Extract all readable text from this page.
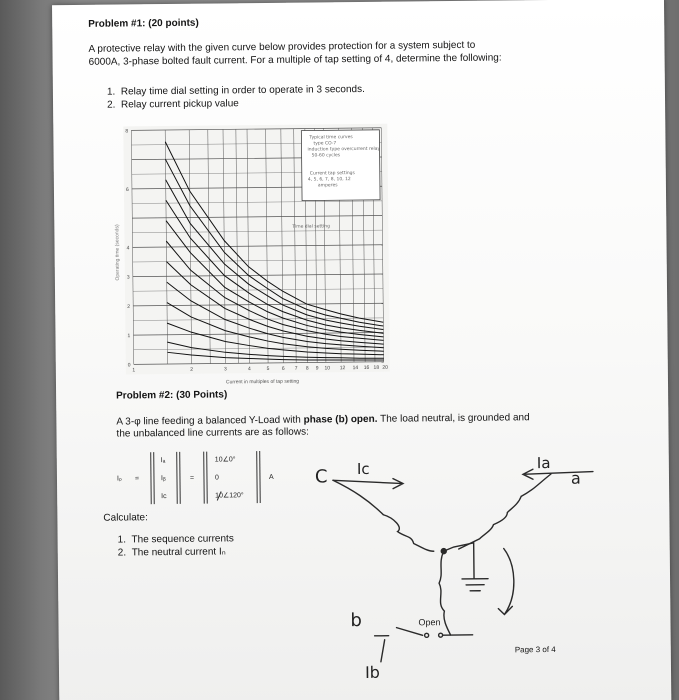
Problem #1: (20 points)
A protective relay with the given curve below provides protection for a system subject to
6000A, 3-phase bolted fault current. For a multiple of tap setting of 4, determine the following:
1. Relay time dial setting in order to operate in 3 seconds.
2. Relay current pickup value
Typical time curves
type CO-7
induction type overcurrent relay
50-60 cycles
Current tap settings
4, 5, 6, 7, 8, 10, 12
amperes
Time dial setting
Operating time (seconds)
8
6
4
3
2
1
0
1	2	3	4	5 6 7 8 9 10 12 14 16 18 20
Current in multiples of tap setting
Problem #2: (30 Points)
A 3-φ line feeding a balanced Y-Load with phase (b) open. The load neutral, is grounded and
the unbalanced line currents are as follows:
Iₚ =
Iₐ
Iᵦ
Iᴄ
=
10∠0°
0
10∠120°
A
Calculate:
1. The sequence currents
2. The neutral current Iₙ
C Ic	Ia
a
b	Open
Ib
Page 3 of 4
